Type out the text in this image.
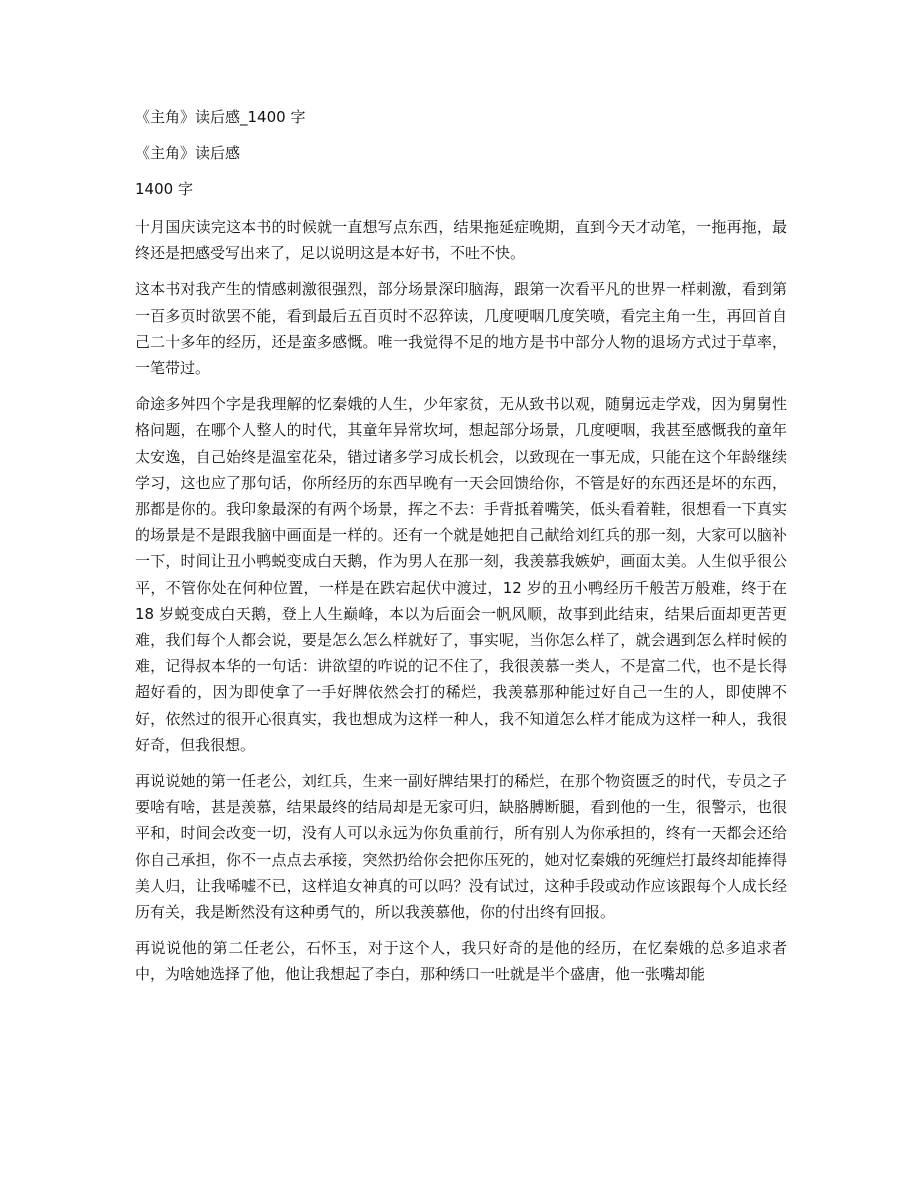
《主角》读后感_1400 字
《主角》读后感
1400 字

十月国庆读完这本书的时候就一直想写点东西，结果拖延症晚期，直到今天才动笔，一拖再拖，最终还是把感受写出来了，足以说明这是本好书，不吐不快。

这本书对我产生的情感刺激很强烈，部分场景深印脑海，跟第一次看平凡的世界一样刺激，看到第一百多页时欲罢不能，看到最后五百页时不忍猝读，几度哽咽几度笑喷，看完主角一生，再回首自己二十多年的经历，还是蛮多感慨。唯一我觉得不足的地方是书中部分人物的退场方式过于草率，一笔带过。

命途多舛四个字是我理解的忆秦娥的人生，少年家贫，无从致书以观，随舅远走学戏，因为舅舅性格问题，在哪个人整人的时代，其童年异常坎坷，想起部分场景，几度哽咽，我甚至感慨我的童年太安逸，自己始终是温室花朵，错过诸多学习成长机会，以致现在一事无成，只能在这个年龄继续学习，这也应了那句话，你所经历的东西早晚有一天会回馈给你，不管是好的东西还是坏的东西，那都是你的。我印象最深的有两个场景，挥之不去：手背抵着嘴笑，低头看着鞋，很想看一下真实的场景是不是跟我脑中画面是一样的。还有一个就是她把自己献给刘红兵的那一刻，大家可以脑补一下，时间让丑小鸭蜕变成白天鹅，作为男人在那一刻，我羡慕我嫉妒，画面太美。人生似乎很公平，不管你处在何种位置，一样是在跌宕起伏中渡过，12 岁的丑小鸭经历千般苦万般难，终于在 18 岁蜕变成白天鹅，登上人生巅峰，本以为后面会一帆风顺，故事到此结束，结果后面却更苦更难，我们每个人都会说，要是怎么怎么样就好了，事实呢，当你怎么样了，就会遇到怎么样时候的难，记得叔本华的一句话：讲欲望的咋说的记不住了，我很羡慕一类人，不是富二代，也不是长得超好看的，因为即使拿了一手好牌依然会打的稀烂，我羡慕那种能过好自己一生的人，即使牌不好，依然过的很开心很真实，我也想成为这样一种人，我不知道怎么样才能成为这样一种人，我很好奇，但我很想。

再说说她的第一任老公，刘红兵，生来一副好牌结果打的稀烂，在那个物资匮乏的时代，专员之子要啥有啥，甚是羡慕，结果最终的结局却是无家可归，缺胳膊断腿，看到他的一生，很警示，也很平和，时间会改变一切，没有人可以永远为你负重前行，所有别人为你承担的，终有一天都会还给你自己承担，你不一点点去承接，突然扔给你会把你压死的，她对忆秦娥的死缠烂打最终却能捧得美人归，让我唏嘘不已，这样追女神真的可以吗？没有试过，这种手段或动作应该跟每个人成长经历有关，我是断然没有这种勇气的，所以我羡慕他，你的付出终有回报。

再说说他的第二任老公，石怀玉，对于这个人，我只好奇的是他的经历，在忆秦娥的总多追求者中，为啥她选择了他，他让我想起了李白，那种绣口一吐就是半个盛唐，他一张嘴却能
